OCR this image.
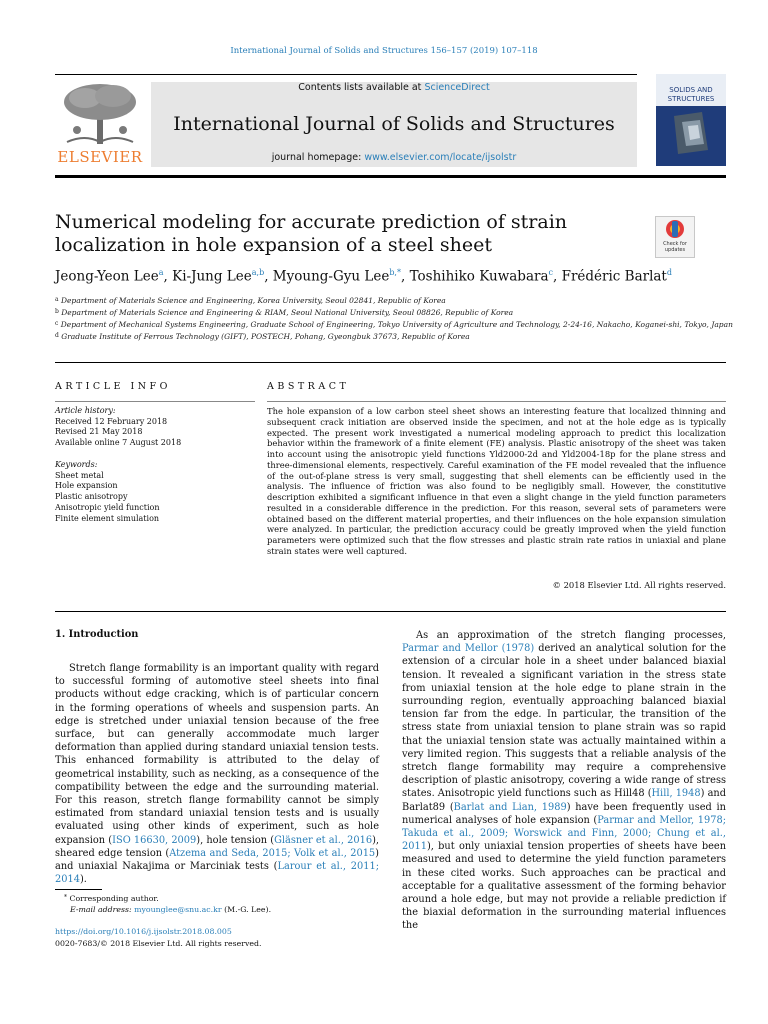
International Journal of Solids and Structures 156–157 (2019) 107–118
ELSEVIER
Contents lists available at ScienceDirect
International Journal of Solids and Structures
journal homepage: www.elsevier.com/locate/ijsolstr
SOLIDS AND
STRUCTURES
Numerical modeling for accurate prediction of strain localization in hole expansion of a steel sheet	Check for updates
Jeong-Yeon Lee$^a$, Ki-Jung Lee$^{a,b}$, Myoung-Gyu Lee$^{b,*}$, Toshihiko Kuwabara$^c$, Frédéric Barlat$^d$
$^a$ Department of Materials Science and Engineering, Korea University, Seoul 02841, Republic of Korea
$^b$ Department of Materials Science and Engineering & RIAM, Seoul National University, Seoul 08826, Republic of Korea
$^c$ Department of Mechanical Systems Engineering, Graduate School of Engineering, Tokyo University of Agriculture and Technology, 2-24-16, Nakacho, Koganei-shi, Tokyo, Japan
$^d$ Graduate Institute of Ferrous Technology (GIFT), POSTECH, Pohang, Gyeongbuk 37673, Republic of Korea
ARTICLE INFO
Article history:
Received 12 February 2018
Revised 21 May 2018
Available online 7 August 2018
Keywords:
Sheet metal
Hole expansion
Plastic anisotropy
Anisotropic yield function
Finite element simulation
ABSTRACT
The hole expansion of a low carbon steel sheet shows an interesting feature that localized thinning and subsequent crack initiation are observed inside the specimen, and not at the hole edge as is typically expected. The present work investigated a numerical modeling approach to predict this localization behavior within the framework of a finite element (FE) analysis. Plastic anisotropy of the sheet was taken into account using the anisotropic yield functions Yld2000-2d and Yld2004-18p for the plane stress and three-dimensional elements, respectively. Careful examination of the FE model revealed that the influence of the out-of-plane stress is very small, suggesting that shell elements can be efficiently used in the analysis. The influence of friction was also found to be negligibly small. However, the constitutive description exhibited a significant influence in that even a slight change in the yield function parameters resulted in a considerable difference in the prediction. For this reason, several sets of parameters were obtained based on the different material properties, and their influences on the hole expansion simulation were analyzed. In particular, the prediction accuracy could be greatly improved when the yield function parameters were optimized such that the flow stresses and plastic strain rate ratios in uniaxial and plane strain states were well captured.
© 2018 Elsevier Ltd. All rights reserved.
1. Introduction

Stretch flange formability is an important quality with regard to successful forming of automotive steel sheets into final products without edge cracking, which is of particular concern in the forming operations of wheels and suspension parts. An edge is stretched under uniaxial tension because of the free surface, but can generally accommodate much larger deformation than applied during standard uniaxial tension tests. This enhanced formability is attributed to the delay of geometrical instability, such as necking, as a consequence of the compatibility between the edge and the surrounding material. For this reason, stretch flange formability cannot be simply estimated from standard uniaxial tension tests and is usually evaluated using other kinds of experiment, such as hole expansion (ISO 16630, 2009), hole tension (Gläsner et al., 2016), sheared edge tension (Atzema and Seda, 2015; Volk et al., 2015) and uniaxial Nakajima or Marciniak tests (Larour et al., 2011; 2014).

As an approximation of the stretch flanging processes, Parmar and Mellor (1978) derived an analytical solution for the extension of a circular hole in a sheet under balanced biaxial tension. It revealed a significant variation in the stress state from uniaxial tension at the hole edge to plane strain in the surrounding region, eventually approaching balanced biaxial tension far from the edge. In particular, the transition of the stress state from uniaxial tension to plane strain was so rapid that the uniaxial tension state was actually maintained within a very limited region. This suggests that a reliable analysis of the stretch flange formability may require a comprehensive description of plastic anisotropy, covering a wide range of stress states. Anisotropic yield functions such as Hill48 (Hill, 1948) and Barlat89 (Barlat and Lian, 1989) have been frequently used in numerical analyses of hole expansion (Parmar and Mellor, 1978; Takuda et al., 2009; Worswick and Finn, 2000; Chung et al., 2011), but only uniaxial tension properties of sheets have been measured and used to determine the yield function parameters in these cited works. Such approaches can be practical and acceptable for a qualitative assessment of the forming behavior around a hole edge, but may not provide a reliable prediction if the biaxial deformation in the surrounding material influences the

* Corresponding author.
E-mail address: myounglee@snu.ac.kr (M.-G. Lee).
https://doi.org/10.1016/j.ijsolstr.2018.08.005
0020-7683/© 2018 Elsevier Ltd. All rights reserved.
